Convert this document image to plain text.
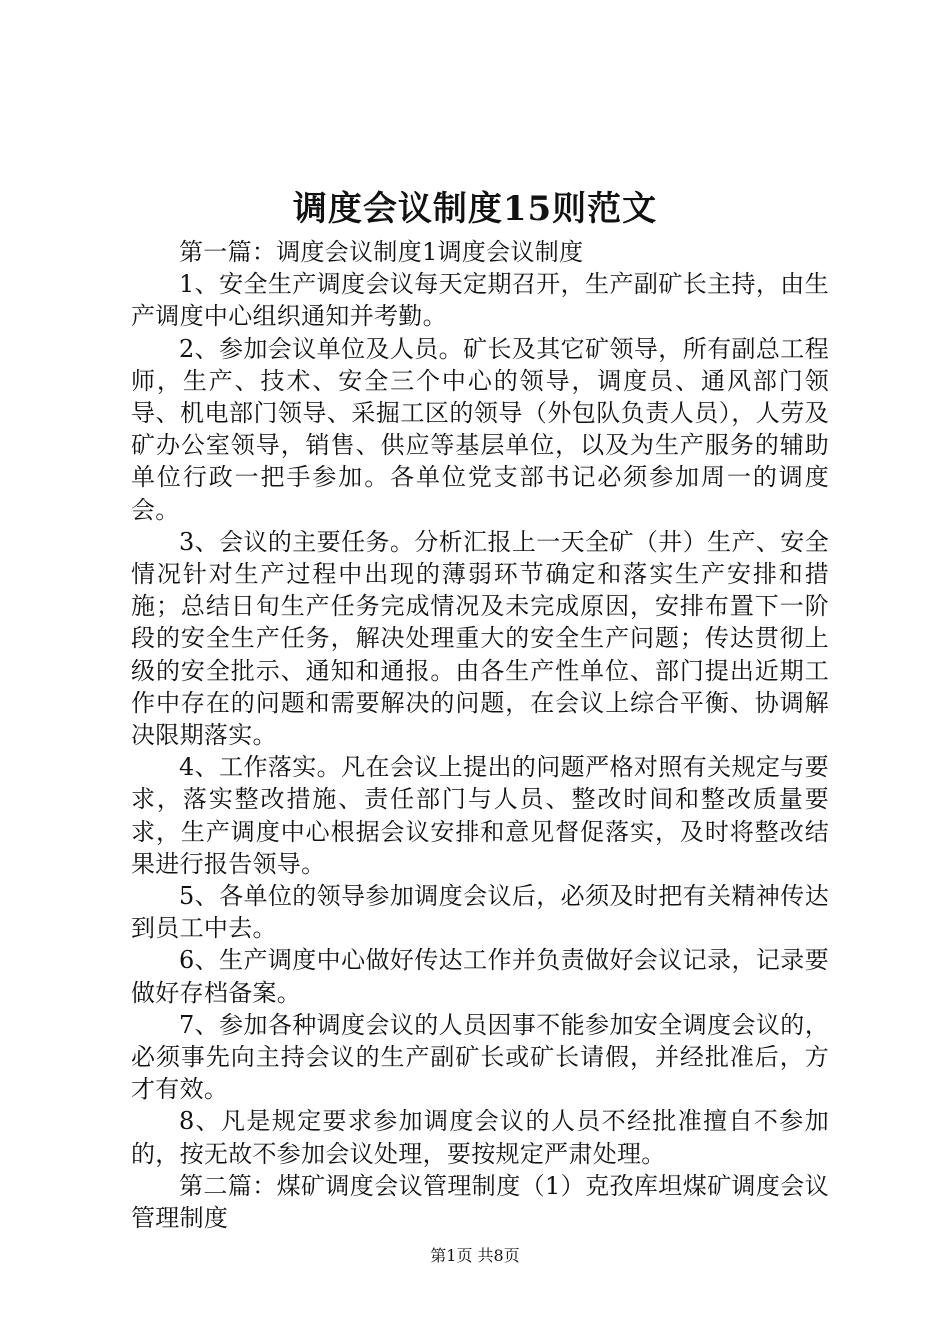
调度会议制度15则范文

第一篇：调度会议制度1调度会议制度

1、安全生产调度会议每天定期召开，生产副矿长主持，由生产调度中心组织通知并考勤。

2、参加会议单位及人员。矿长及其它矿领导，所有副总工程师，生产、技术、安全三个中心的领导，调度员、通风部门领导、机电部门领导、采掘工区的领导（外包队负责人员），人劳及矿办公室领导，销售、供应等基层单位，以及为生产服务的辅助单位行政一把手参加。各单位党支部书记必须参加周一的调度会。

3、会议的主要任务。分析汇报上一天全矿（井）生产、安全情况针对生产过程中出现的薄弱环节确定和落实生产安排和措施；总结日旬生产任务完成情况及未完成原因，安排布置下一阶段的安全生产任务，解决处理重大的安全生产问题；传达贯彻上级的安全批示、通知和通报。由各生产性单位、部门提出近期工作中存在的问题和需要解决的问题，在会议上综合平衡、协调解决限期落实。

4、工作落实。凡在会议上提出的问题严格对照有关规定与要求，落实整改措施、责任部门与人员、整改时间和整改质量要求，生产调度中心根据会议安排和意见督促落实，及时将整改结果进行报告领导。

5、各单位的领导参加调度会议后，必须及时把有关精神传达到员工中去。

6、生产调度中心做好传达工作并负责做好会议记录，记录要做好存档备案。

7、参加各种调度会议的人员因事不能参加安全调度会议的，必须事先向主持会议的生产副矿长或矿长请假，并经批准后，方才有效。

8、凡是规定要求参加调度会议的人员不经批准擅自不参加的，按无故不参加会议处理，要按规定严肃处理。

第二篇：煤矿调度会议管理制度（1）克孜库坦煤矿调度会议管理制度

第1页 共8页
